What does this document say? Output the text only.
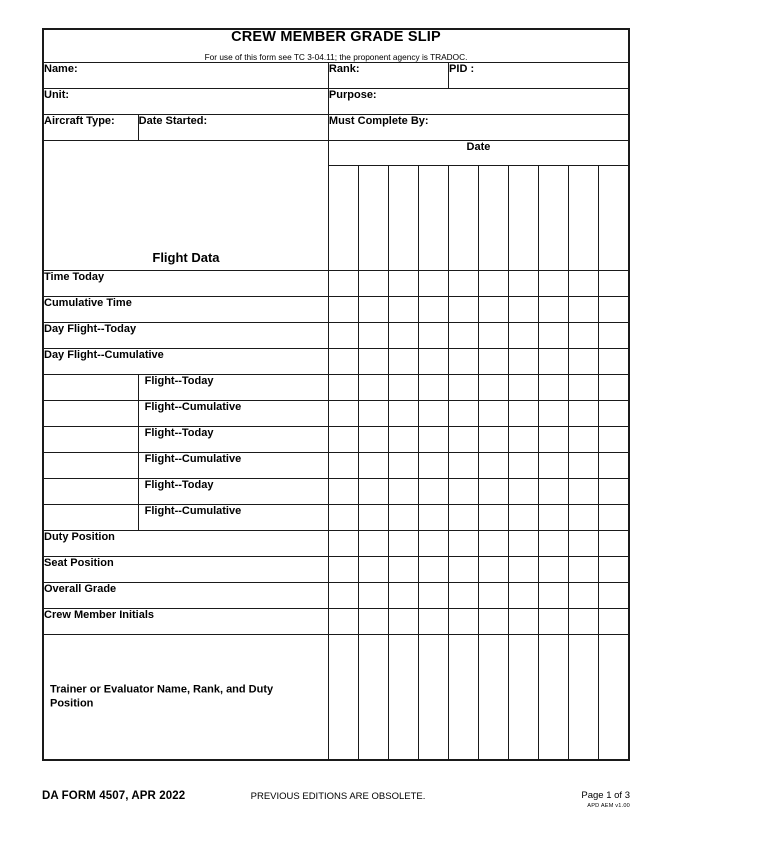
CREW MEMBER GRADE SLIP
For use of this form see TC 3-04.11; the proponent agency is TRADOC.											

Name:		Rank:				PID :					
Unit:		Purpose:									
Aircraft Type:	Date Started:	Must Complete By:									

Flight Data		Date									

Time Today											
Cumulative Time											
Day Flight--Today											
Day Flight--Cumulative											
	Flight--Today										
	Flight--Cumulative										
	Flight--Today										
	Flight--Cumulative										
	Flight--Today										
	Flight--Cumulative										
Duty Position											
Seat Position											
Overall Grade											
Crew Member Initials											

Trainer or Evaluator Name, Rank, and Duty Position											

DA FORM 4507, APR 2022	PREVIOUS EDITIONS ARE OBSOLETE.	Page 1 of 3
APD AEM v1.00
